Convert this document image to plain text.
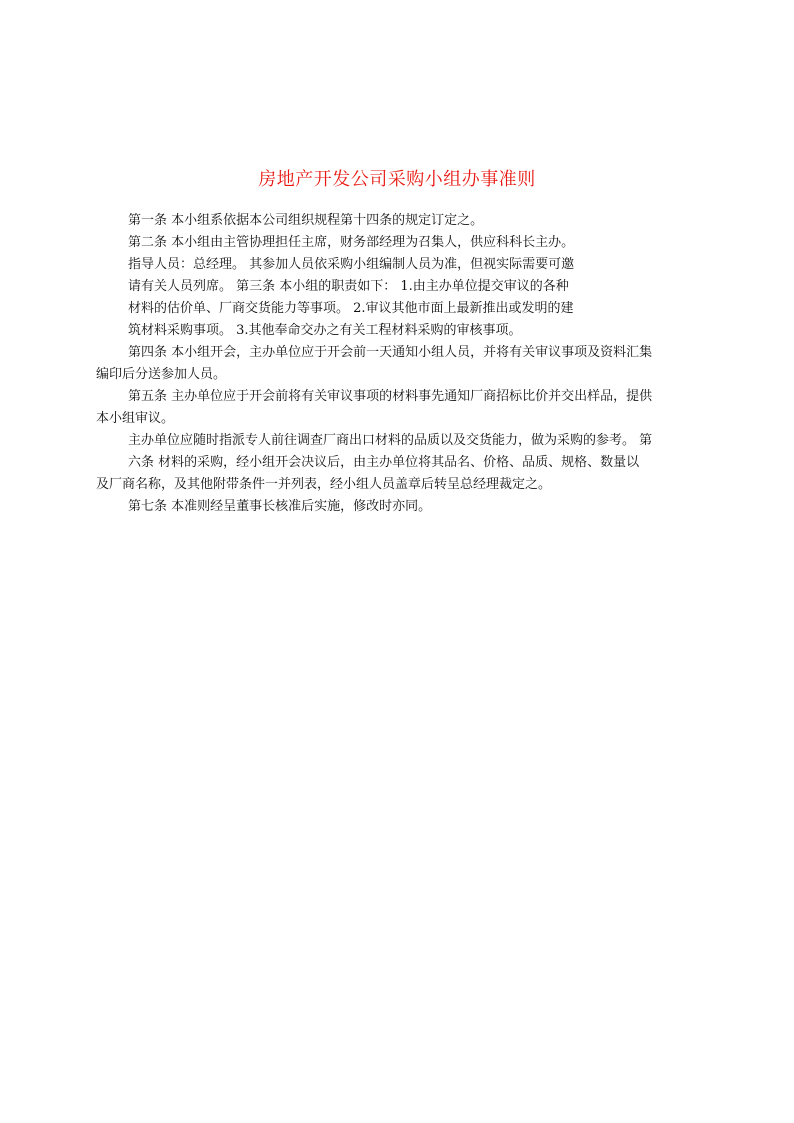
房地产开发公司采购小组办事准则
第一条 本小组系依据本公司组织规程第十四条的规定订定之。
第二条 本小组由主管协理担任主席，财务部经理为召集人，供应科科长主办。
指导人员：总经理。 其参加人员依采购小组编制人员为准，但视实际需要可邀
请有关人员列席。 第三条 本小组的职责如下： 1.由主办单位提交审议的各种
材料的估价单、厂商交货能力等事项。 2.审议其他市面上最新推出或发明的建
筑材料采购事项。 3.其他奉命交办之有关工程材料采购的审核事项。
第四条 本小组开会，主办单位应于开会前一天通知小组人员，并将有关审议事项及资料汇集
编印后分送参加人员。
第五条 主办单位应于开会前将有关审议事项的材料事先通知厂商招标比价并交出样品，提供
本小组审议。
主办单位应随时指派专人前往调查厂商出口材料的品质以及交货能力，做为采购的参考。 第
六条 材料的采购，经小组开会决议后，由主办单位将其品名、价格、品质、规格、数量以
及厂商名称，及其他附带条件一并列表，经小组人员盖章后转呈总经理裁定之。
第七条 本准则经呈董事长核准后实施，修改时亦同。
